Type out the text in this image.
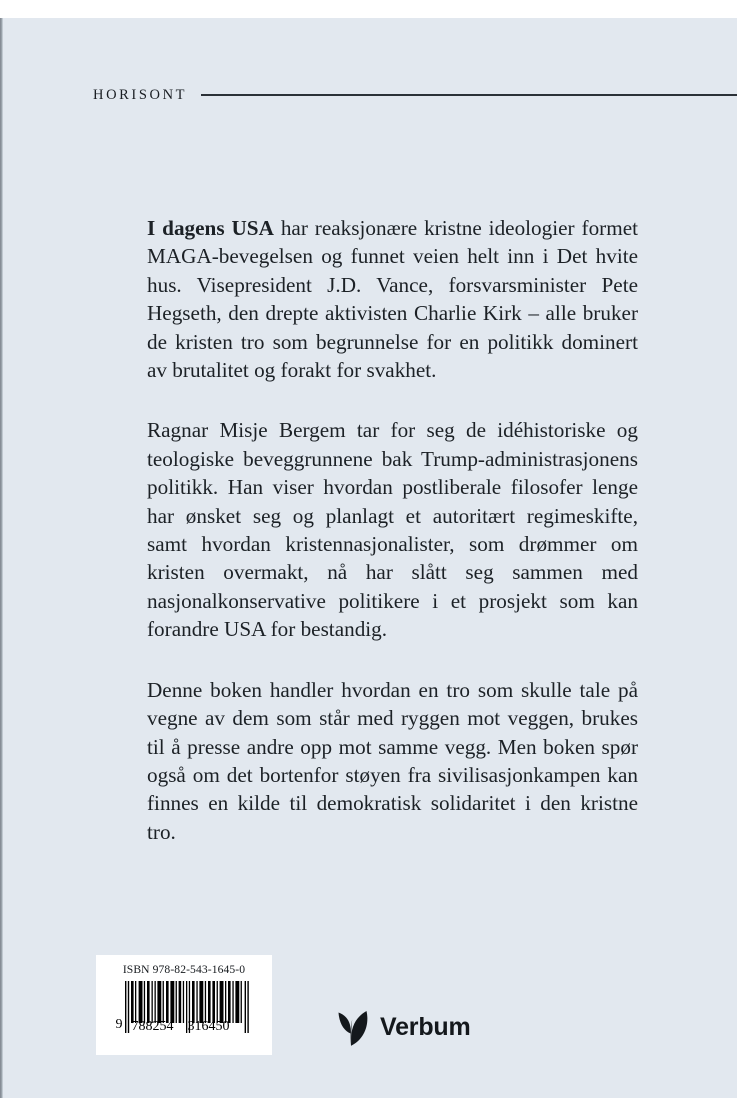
HORISONT

I dagens USA har reaksjonære kristne ideologier formet MAGA-bevegelsen og funnet veien helt inn i Det hvite hus. Visepresident J.D. Vance, forsvarsminister Pete Hegseth, den drepte aktivisten Charlie Kirk – alle bruker de kristen tro som begrunnelse for en politikk dominert av brutalitet og forakt for svakhet.

Ragnar Misje Bergem tar for seg de idéhistoriske og teologiske beveggrunnene bak Trump-administrasjonens politikk. Han viser hvordan postliberale filosofer lenge har ønsket seg og planlagt et autoritært regimeskifte, samt hvordan kristennasjonalister, som drømmer om kristen overmakt, nå har slått seg sammen med nasjonalkonservative politikere i et prosjekt som kan forandre USA for bestandig.

Denne boken handler hvordan en tro som skulle tale på vegne av dem som står med ryggen mot veggen, brukes til å presse andre opp mot samme vegg. Men boken spør også om det bortenfor støyen fra sivilisasjonkampen kan finnes en kilde til demokratisk solidaritet i den kristne tro.

ISBN 978-82-543-1645-0
9 788254 316450	Verbum
